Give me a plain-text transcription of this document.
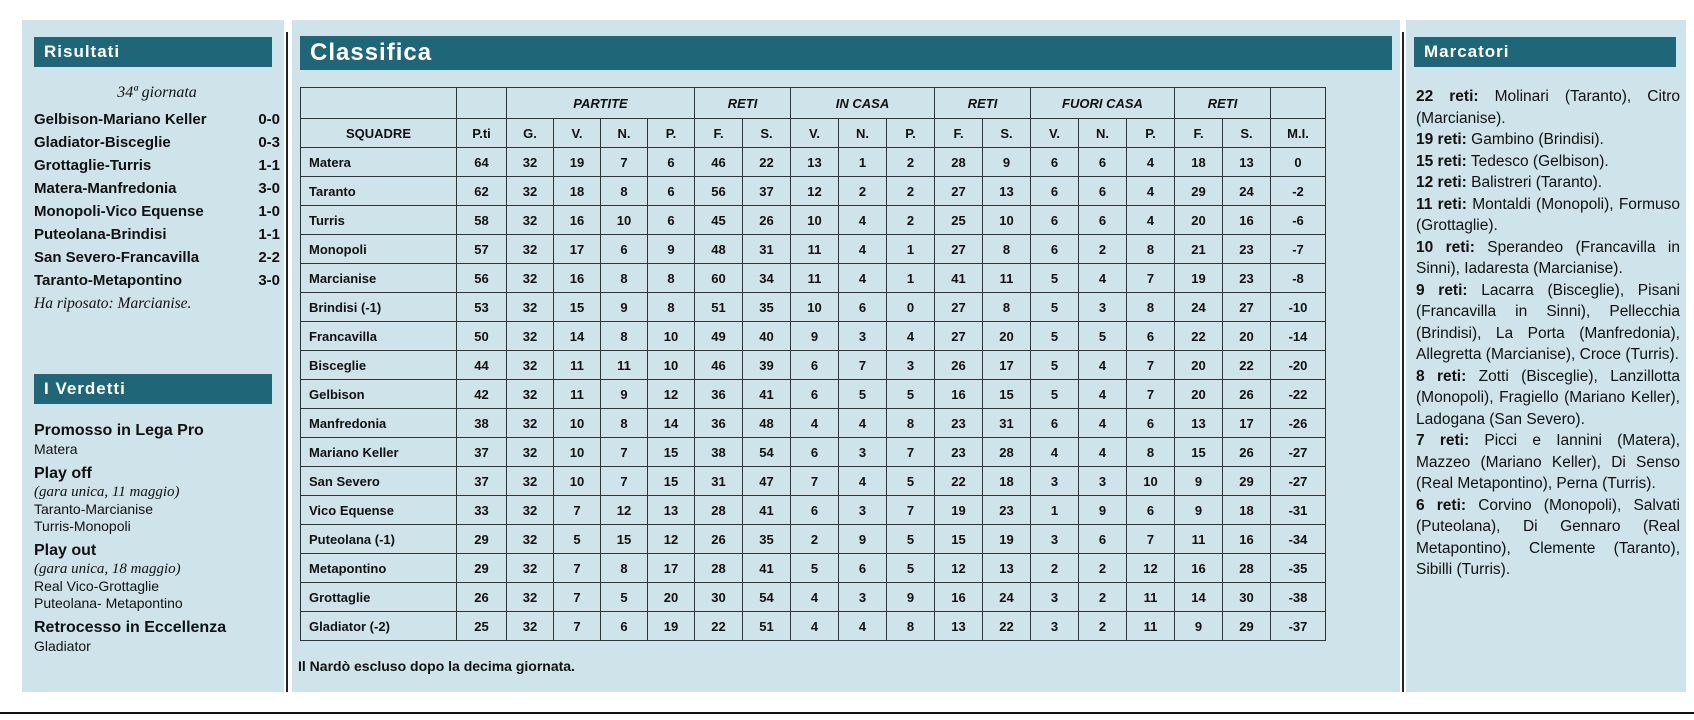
Risultati
34ª giornata
Gelbison-Mariano Keller	0-0
Gladiator-Bisceglie	0-3
Grottaglie-Turris	1-1
Matera-Manfredonia	3-0
Monopoli-Vico Equense	1-0
Puteolana-Brindisi	1-1
San Severo-Francavilla	2-2
Taranto-Metapontino	3-0
Ha riposato: Marcianise.
I Verdetti
Promosso in Lega Pro
Matera
Play off
(gara unica, 11 maggio)
Taranto-Marcianise
Turris-Monopoli
Play out
(gara unica, 18 maggio)
Real Vico-Grottaglie
Puteolana- Metapontino
Retrocesso in Eccellenza
Gladiator
Classifica
		PARTITE				RETI		IN CASA			RETI		FUORI CASA			RETI		
SQUADRE	P.ti	G.	V.	N.	P.	F.	S.	V.	N.	P.	F.	S.	V.	N.	P.	F.	S.	M.I.
Matera	64	32	19	7	6	46	22	13	1	2	28	9	6	6	4	18	13	0
Taranto	62	32	18	8	6	56	37	12	2	2	27	13	6	6	4	29	24	-2
Turris	58	32	16	10	6	45	26	10	4	2	25	10	6	6	4	20	16	-6
Monopoli	57	32	17	6	9	48	31	11	4	1	27	8	6	2	8	21	23	-7
Marcianise	56	32	16	8	8	60	34	11	4	1	41	11	5	4	7	19	23	-8
Brindisi (-1)	53	32	15	9	8	51	35	10	6	0	27	8	5	3	8	24	27	-10
Francavilla	50	32	14	8	10	49	40	9	3	4	27	20	5	5	6	22	20	-14
Bisceglie	44	32	11	11	10	46	39	6	7	3	26	17	5	4	7	20	22	-20
Gelbison	42	32	11	9	12	36	41	6	5	5	16	15	5	4	7	20	26	-22
Manfredonia	38	32	10	8	14	36	48	4	4	8	23	31	6	4	6	13	17	-26
Mariano Keller	37	32	10	7	15	38	54	6	3	7	23	28	4	4	8	15	26	-27
San Severo	37	32	10	7	15	31	47	7	4	5	22	18	3	3	10	9	29	-27
Vico Equense	33	32	7	12	13	28	41	6	3	7	19	23	1	9	6	9	18	-31
Puteolana (-1)	29	32	5	15	12	26	35	2	9	5	15	19	3	6	7	11	16	-34
Metapontino	29	32	7	8	17	28	41	5	6	5	12	13	2	2	12	16	28	-35
Grottaglie	26	32	7	5	20	30	54	4	3	9	16	24	3	2	11	14	30	-38
Gladiator (-2)	25	32	7	6	19	22	51	4	4	8	13	22	3	2	11	9	29	-37
Il Nardò escluso dopo la decima giornata.
Marcatori
22 reti: Molinari (Taranto), Citro (Marcianise).
19 reti: Gambino (Brindisi).
15 reti: Tedesco (Gelbison).
12 reti: Balistreri (Taranto).
11 reti: Montaldi (Monopoli), Formuso (Grottaglie).
10 reti: Sperandeo (Francavilla in Sinni), Iadaresta (Marcianise).
9 reti: Lacarra (Bisceglie), Pisani (Francavilla in Sinni), Pellecchia (Brindisi), La Porta (Manfredonia), Allegretta (Marcianise), Croce (Turris).
8 reti: Zotti (Bisceglie), Lanzillotta (Monopoli), Fragiello (Mariano Keller), Ladogana (San Severo).
7 reti: Picci e Iannini (Matera), Mazzeo (Mariano Keller), Di Senso (Real Metapontino), Perna (Turris).
6 reti: Corvino (Monopoli), Salvati (Puteolana), Di Gennaro (Real Metapontino), Clemente (Taranto), Sibilli (Turris).
